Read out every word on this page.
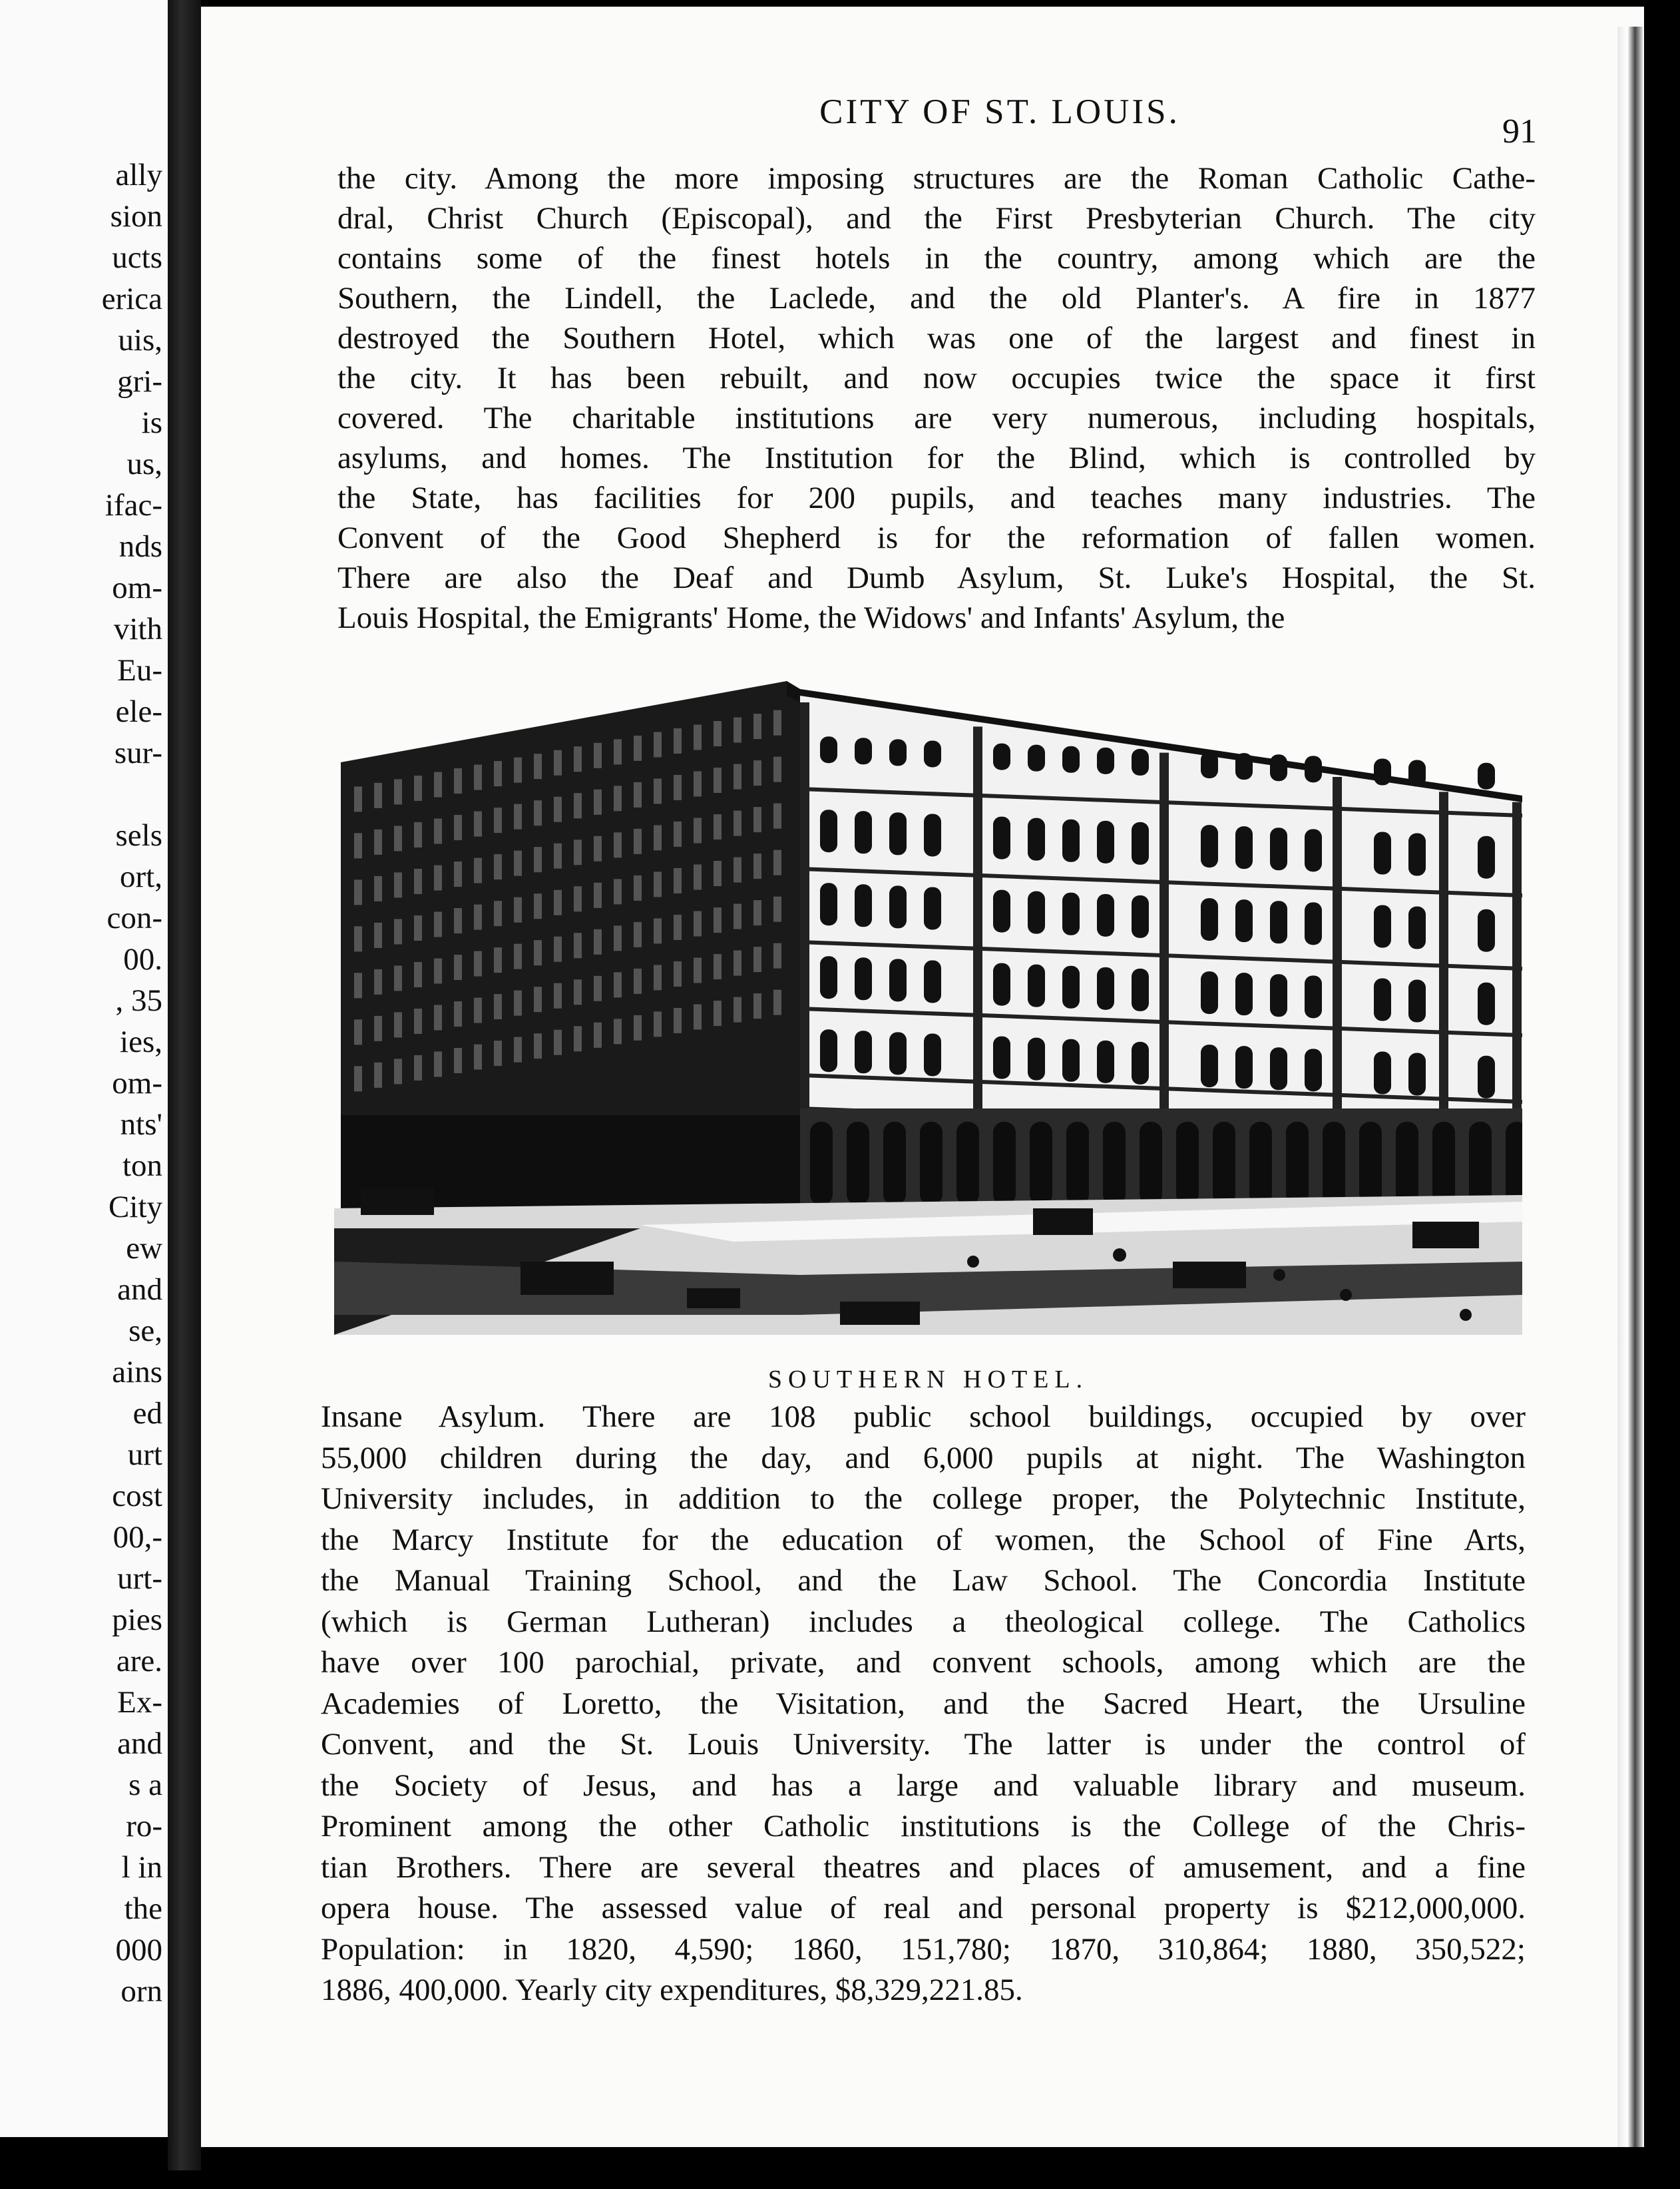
ally
sion
ucts
erica
uis,
gri-
is
us,
ifac-
nds
om-
vith
Eu-
ele-
sur-
sels
ort,
con-
00.
, 35
ies,
om-
nts'
ton
City
ew
and
se,
ains
ed
urt
cost
00,-
urt-
pies
are.
Ex-
and
s a
ro-
l in
the
000
orn
CITY OF ST. LOUIS.
91
the city. Among the more imposing structures are the Roman Catholic Cathe-
dral, Christ Church (Episcopal), and the First Presbyterian Church. The city
contains some of the finest hotels in the country, among which are the
Southern, the Lindell, the Laclede, and the old Planter's. A fire in 1877
destroyed the Southern Hotel, which was one of the largest and finest in
the city. It has been rebuilt, and now occupies twice the space it first
covered. The charitable institutions are very numerous, including hospitals,
asylums, and homes. The Institution for the Blind, which is controlled by
the State, has facilities for 200 pupils, and teaches many industries. The
Convent of the Good Shepherd is for the reformation of fallen women.
There are also the Deaf and Dumb Asylum, St. Luke's Hospital, the St.
Louis Hospital, the Emigrants' Home, the Widows' and Infants' Asylum, the
SOUTHERN HOTEL.
Insane Asylum. There are 108 public school buildings, occupied by over
55,000 children during the day, and 6,000 pupils at night. The Washington
University includes, in addition to the college proper, the Polytechnic Institute,
the Marcy Institute for the education of women, the School of Fine Arts,
the Manual Training School, and the Law School. The Concordia Institute
(which is German Lutheran) includes a theological college. The Catholics
have over 100 parochial, private, and convent schools, among which are the
Academies of Loretto, the Visitation, and the Sacred Heart, the Ursuline
Convent, and the St. Louis University. The latter is under the control of
the Society of Jesus, and has a large and valuable library and museum.
Prominent among the other Catholic institutions is the College of the Chris-
tian Brothers. There are several theatres and places of amusement, and a fine
opera house. The assessed value of real and personal property is $212,000,000.
Population: in 1820, 4,590; 1860, 151,780; 1870, 310,864; 1880, 350,522;
1886, 400,000. Yearly city expenditures, $8,329,221.85.
